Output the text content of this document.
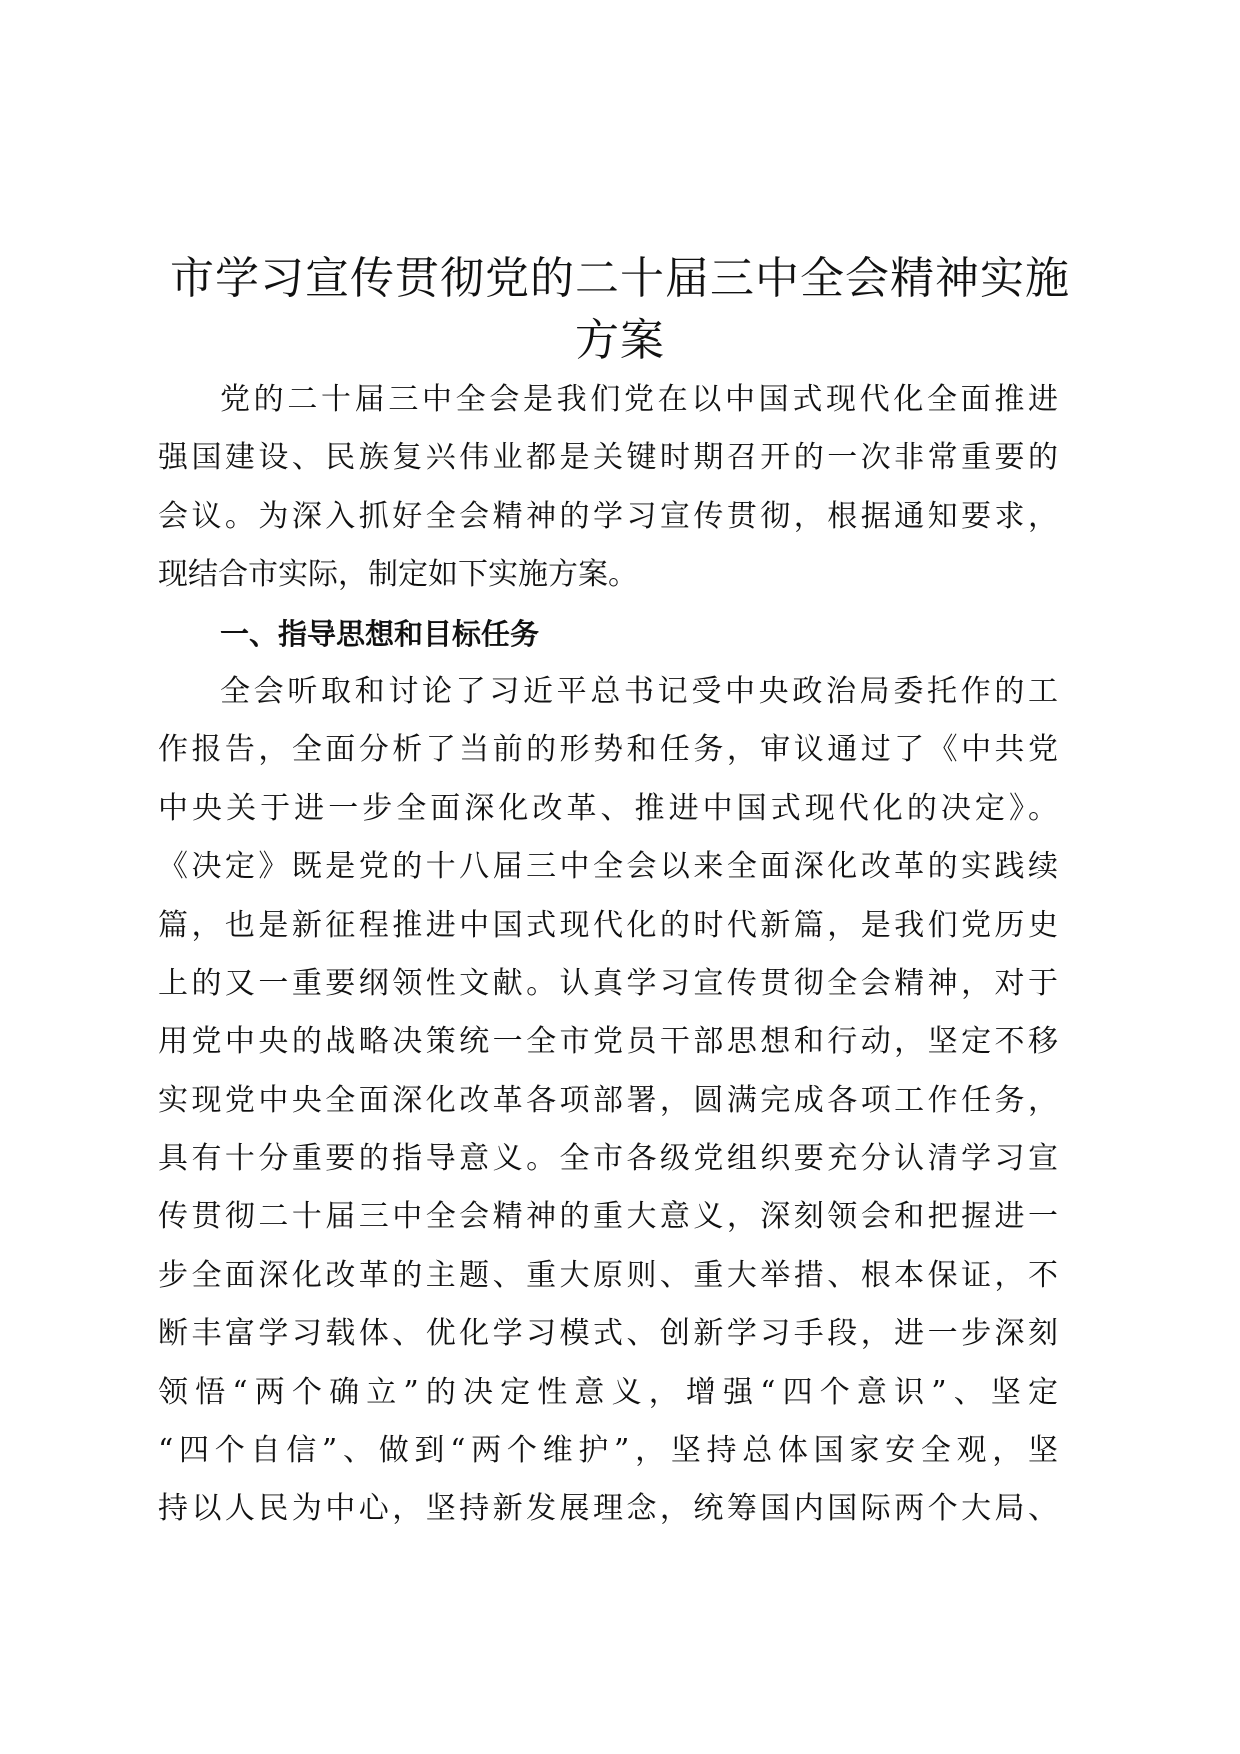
市学习宣传贯彻党的二十届三中全会精神实施
方案
党的二十届三中全会是我们党在以中国式现代化全面推进
强国建设、民族复兴伟业都是关键时期召开的一次非常重要的
会议。为深入抓好全会精神的学习宣传贯彻，根据通知要求，
现结合市实际，制定如下实施方案。
一、指导思想和目标任务
全会听取和讨论了习近平总书记受中央政治局委托作的工
作报告，全面分析了当前的形势和任务，审议通过了《中共党
中央关于进一步全面深化改革、推进中国式现代化的决定》。
《决定》既是党的十八届三中全会以来全面深化改革的实践续
篇，也是新征程推进中国式现代化的时代新篇，是我们党历史
上的又一重要纲领性文献。认真学习宣传贯彻全会精神，对于
用党中央的战略决策统一全市党员干部思想和行动，坚定不移
实现党中央全面深化改革各项部署，圆满完成各项工作任务，
具有十分重要的指导意义。全市各级党组织要充分认清学习宣
传贯彻二十届三中全会精神的重大意义，深刻领会和把握进一
步全面深化改革的主题、重大原则、重大举措、根本保证，不
断丰富学习载体、优化学习模式、创新学习手段，进一步深刻
领悟“两个确立”的决定性意义，增强“四个意识”、坚定
“四个自信”、做到“两个维护”，坚持总体国家安全观，坚
持以人民为中心，坚持新发展理念，统筹国内国际两个大局、
